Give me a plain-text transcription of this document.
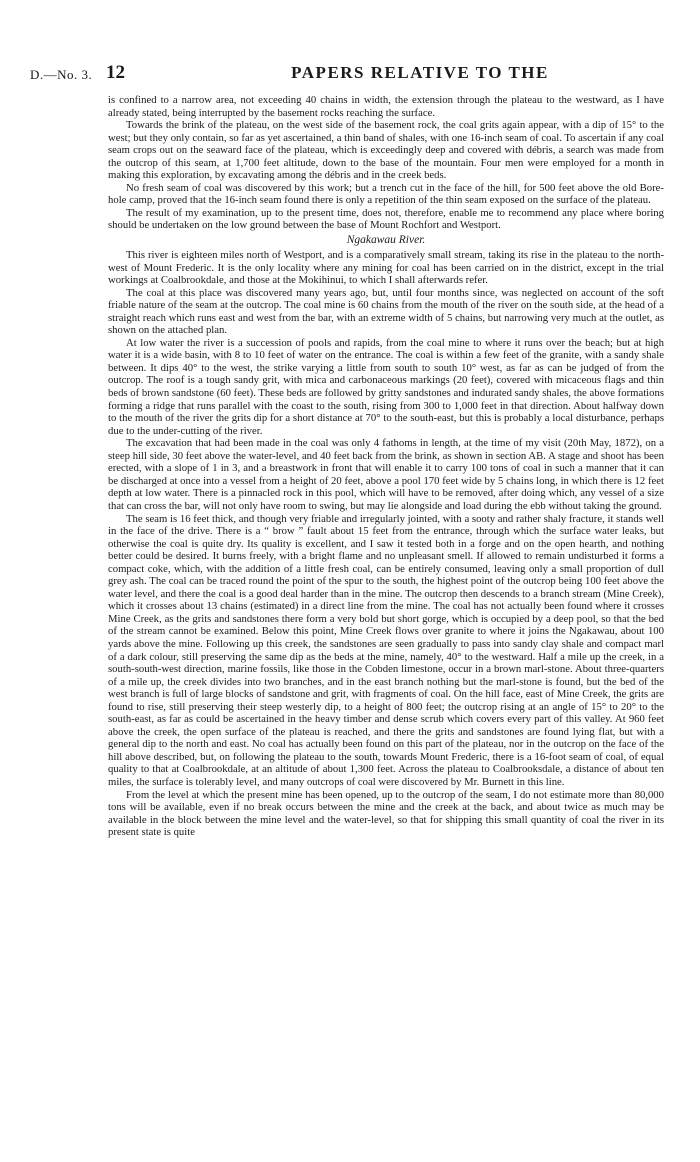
D.—No. 3. 12	PAPERS RELATIVE TO THE

is confined to a narrow area, not exceeding 40 chains in width, the extension through the plateau to the westward, as I have already stated, being interrupted by the basement rocks reaching the surface.

Towards the brink of the plateau, on the west side of the basement rock, the coal grits again appear, with a dip of 15° to the west; but they only contain, so far as yet ascertained, a thin band of shales, with one 16-inch seam of coal. To ascertain if any coal seam crops out on the seaward face of the plateau, which is exceedingly deep and covered with débris, a search was made from the outcrop of this seam, at 1,700 feet altitude, down to the base of the mountain. Four men were employed for a month in making this exploration, by excavating among the débris and in the creek beds.

No fresh seam of coal was discovered by this work; but a trench cut in the face of the hill, for 500 feet above the old Bore-hole camp, proved that the 16-inch seam found there is only a repetition of the thin seam exposed on the surface of the plateau.

The result of my examination, up to the present time, does not, therefore, enable me to recommend any place where boring should be undertaken on the low ground between the base of Mount Rochfort and Westport.

Ngakawau River.

This river is eighteen miles north of Westport, and is a comparatively small stream, taking its rise in the plateau to the north-west of Mount Frederic. It is the only locality where any mining for coal has been carried on in the district, except in the trial workings at Coalbrookdale, and those at the Mokihinui, to which I shall afterwards refer.

The coal at this place was discovered many years ago, but, until four months since, was neglected on account of the soft friable nature of the seam at the outcrop. The coal mine is 60 chains from the mouth of the river on the south side, at the head of a straight reach which runs east and west from the bar, with an extreme width of 5 chains, but narrowing very much at the outlet, as shown on the attached plan.

At low water the river is a succession of pools and rapids, from the coal mine to where it runs over the beach; but at high water it is a wide basin, with 8 to 10 feet of water on the entrance. The coal is within a few feet of the granite, with a sandy shale between. It dips 40° to the west, the strike varying a little from south to south 10° west, as far as can be judged of from the outcrop. The roof is a tough sandy grit, with mica and carbonaceous markings (20 feet), covered with micaceous flags and thin beds of brown sandstone (60 feet). These beds are followed by gritty sandstones and indurated sandy shales, the above formations forming a ridge that runs parallel with the coast to the south, rising from 300 to 1,000 feet in that direction. About halfway down to the mouth of the river the grits dip for a short distance at 70° to the south-east, but this is probably a local disturbance, perhaps due to the under-cutting of the river.

The excavation that had been made in the coal was only 4 fathoms in length, at the time of my visit (20th May, 1872), on a steep hill side, 30 feet above the water-level, and 40 feet back from the brink, as shown in section AB. A stage and shoot has been erected, with a slope of 1 in 3, and a breastwork in front that will enable it to carry 100 tons of coal in such a manner that it can be discharged at once into a vessel from a height of 20 feet, above a pool 170 feet wide by 5 chains long, in which there is 12 feet depth at low water. There is a pinnacled rock in this pool, which will have to be removed, after doing which, any vessel of a size that can cross the bar, will not only have room to swing, but may lie alongside and load during the ebb without taking the ground.

The seam is 16 feet thick, and though very friable and irregularly jointed, with a sooty and rather shaly fracture, it stands well in the face of the drive. There is a “ brow ” fault about 15 feet from the entrance, through which the surface water leaks, but otherwise the coal is quite dry. Its quality is excellent, and I saw it tested both in a forge and on the open hearth, and nothing better could be desired. It burns freely, with a bright flame and no unpleasant smell. If allowed to remain undisturbed it forms a compact coke, which, with the addition of a little fresh coal, can be entirely consumed, leaving only a small proportion of dull grey ash. The coal can be traced round the point of the spur to the south, the highest point of the outcrop being 100 feet above the water level, and there the coal is a good deal harder than in the mine. The outcrop then descends to a branch stream (Mine Creek), which it crosses about 13 chains (estimated) in a direct line from the mine. The coal has not actually been found where it crosses Mine Creek, as the grits and sandstones there form a very bold but short gorge, which is occupied by a deep pool, so that the bed of the stream cannot be examined. Below this point, Mine Creek flows over granite to where it joins the Ngakawau, about 100 yards above the mine. Following up this creek, the sandstones are seen gradually to pass into sandy clay shale and compact marl of a dark colour, still preserving the same dip as the beds at the mine, namely, 40° to the westward. Half a mile up the creek, in a south-south-west direction, marine fossils, like those in the Cobden limestone, occur in a brown marl-stone. About three-quarters of a mile up, the creek divides into two branches, and in the east branch nothing but the marl-stone is found, but the bed of the west branch is full of large blocks of sandstone and grit, with fragments of coal. On the hill face, east of Mine Creek, the grits are found to rise, still preserving their steep westerly dip, to a height of 800 feet; the outcrop rising at an angle of 15° to 20° to the south-east, as far as could be ascertained in the heavy timber and dense scrub which covers every part of this valley. At 960 feet above the creek, the open surface of the plateau is reached, and there the grits and sandstones are found lying flat, but with a general dip to the north and east. No coal has actually been found on this part of the plateau, nor in the outcrop on the face of the hill above described, but, on following the plateau to the south, towards Mount Frederic, there is a 16-foot seam of coal, of equal quality to that at Coalbrookdale, at an altitude of about 1,300 feet. Across the plateau to Coalbrooksdale, a distance of about ten miles, the surface is tolerably level, and many outcrops of coal were discovered by Mr. Burnett in this line.

From the level at which the present mine has been opened, up to the outcrop of the seam, I do not estimate more than 80,000 tons will be available, even if no break occurs between the mine and the creek at the back, and about twice as much may be available in the block between the mine level and the water-level, so that for shipping this small quantity of coal the river in its present state is quite
